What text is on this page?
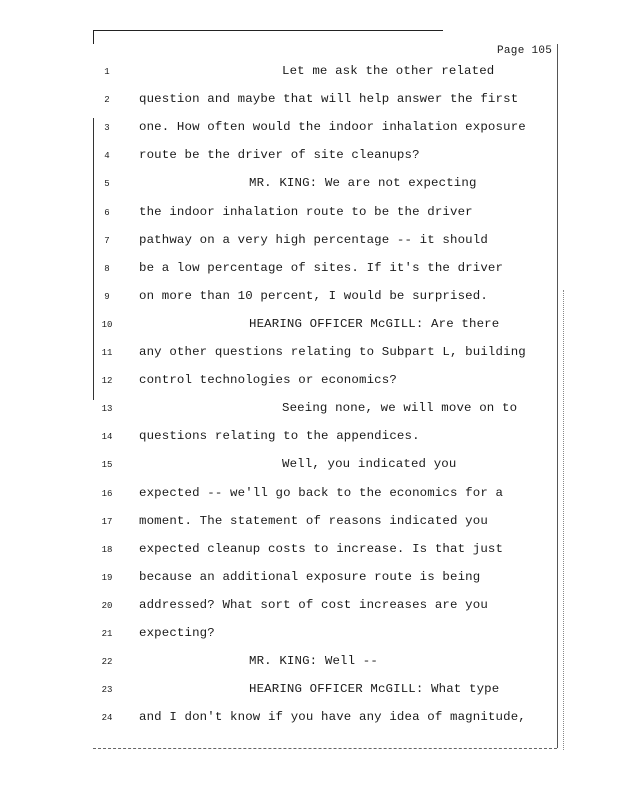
Page 105
1	Let me ask the other related
2	question and maybe that will help answer the first
3	one. How often would the indoor inhalation exposure
4	route be the driver of site cleanups?
5	MR. KING: We are not expecting
6	the indoor inhalation route to be the driver
7	pathway on a very high percentage -- it should
8	be a low percentage of sites. If it's the driver
9	on more than 10 percent, I would be surprised.
10	HEARING OFFICER McGILL: Are there
11	any other questions relating to Subpart L, building
12	control technologies or economics?
13	Seeing none, we will move on to
14	questions relating to the appendices.
15	Well, you indicated you
16	expected -- we'll go back to the economics for a
17	moment. The statement of reasons indicated you
18	expected cleanup costs to increase. Is that just
19	because an additional exposure route is being
20	addressed? What sort of cost increases are you
21	expecting?
22	MR. KING: Well --
23	HEARING OFFICER McGILL: What type
24	and I don't know if you have any idea of magnitude,
